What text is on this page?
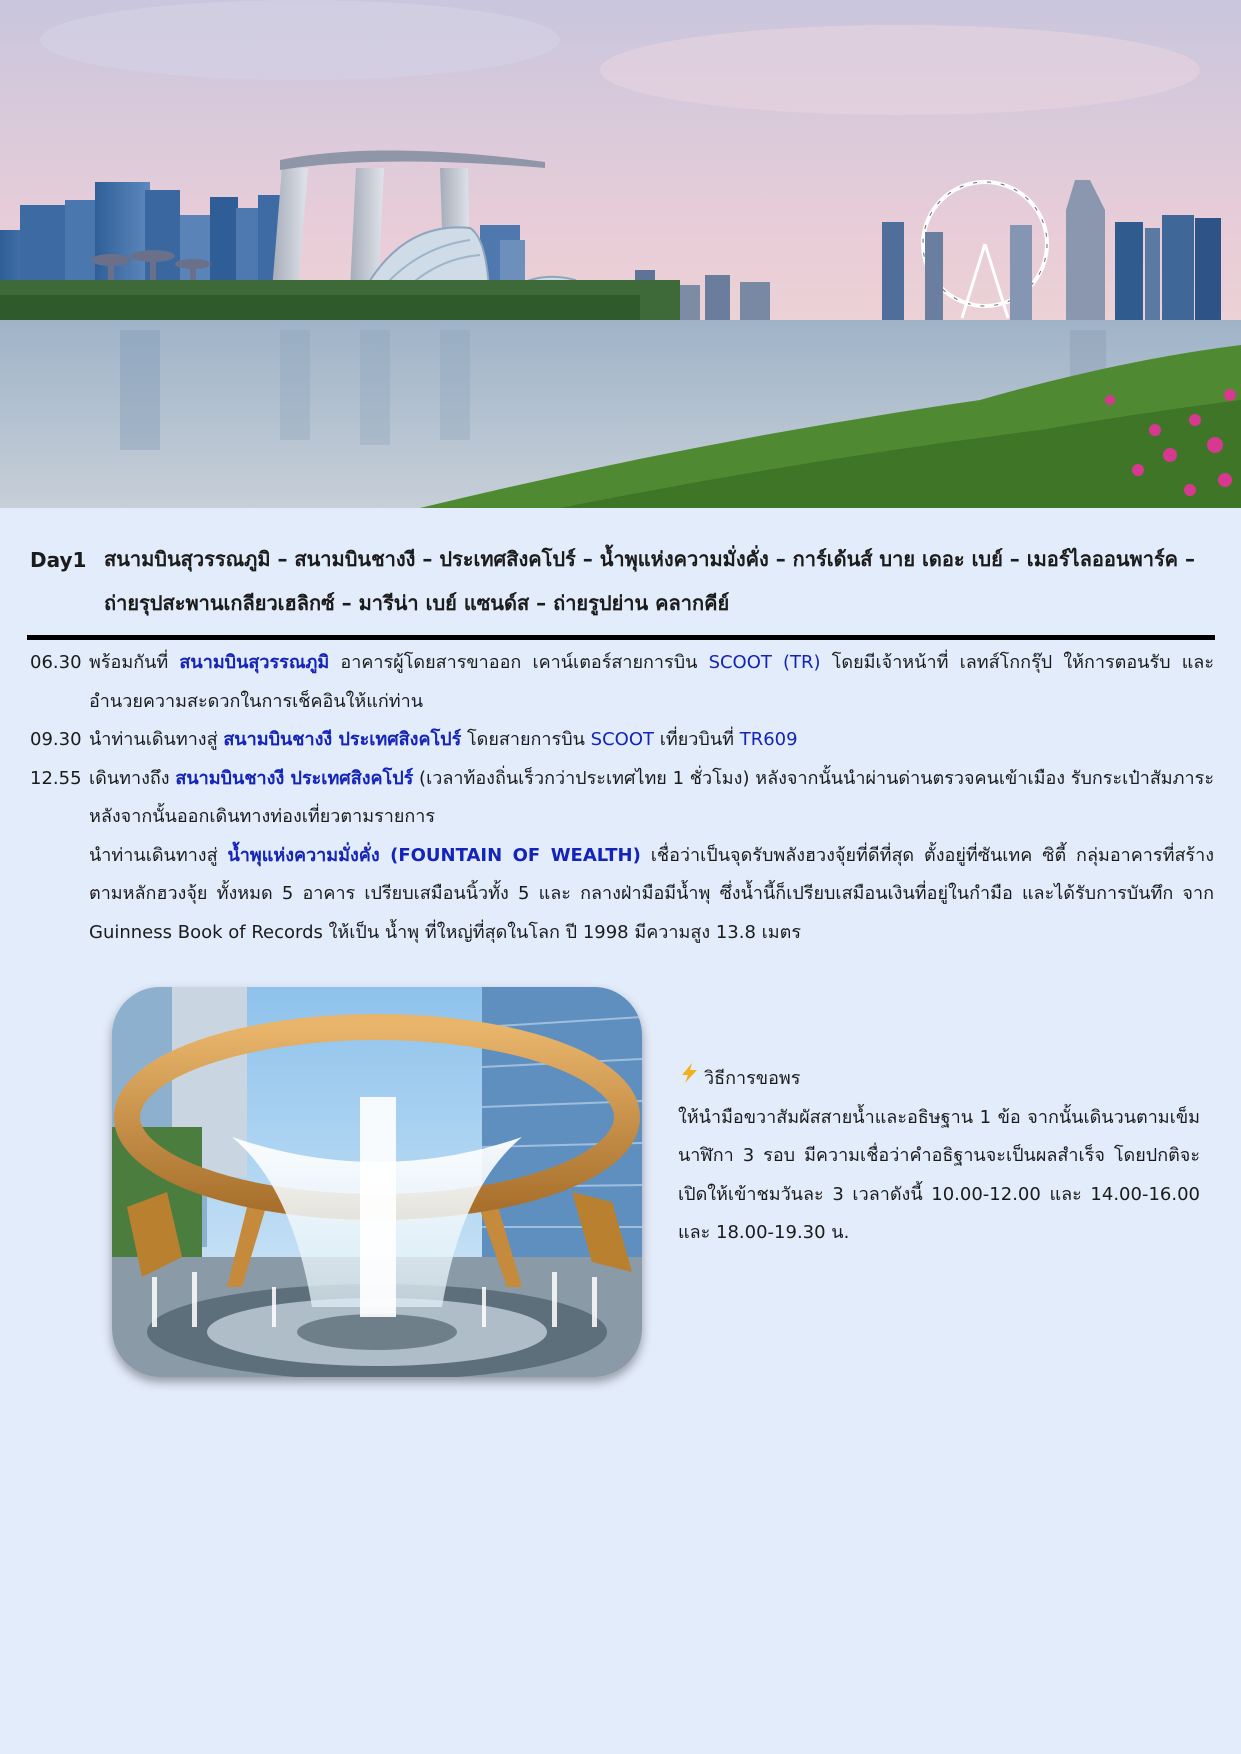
Day1 สนามบินสุวรรณภูมิ – สนามบินชางงี – ประเทศสิงคโปร์ – น้ำพุแห่งความมั่งคั่ง – การ์เด้นส์ บาย เดอะ เบย์ – เมอร์ไลออนพาร์ค – ถ่ายรุปสะพานเกลียวเฮลิกซ์ – มารีน่า เบย์ แซนด์ส – ถ่ายรูปย่าน คลากคีย์
06.30 พร้อมกันที่ สนามบินสุวรรณภูมิ อาคารผู้โดยสารขาออก เคาน์เตอร์สายการบิน SCOOT (TR) โดยมีเจ้าหน้าที่ เลทส์โกกรุ๊ป ให้การตอนรับ และอำนวยความสะดวกในการเช็คอินให้แก่ท่าน
09.30 นำท่านเดินทางสู่ สนามบินชางงี ประเทศสิงคโปร์ โดยสายการบิน SCOOT เที่ยวบินที่ TR609
12.55 เดินทางถึง สนามบินชางงี ประเทศสิงคโปร์ (เวลาท้องถิ่นเร็วกว่าประเทศไทย 1 ชั่วโมง) หลังจากนั้นนำผ่านด่านตรวจคนเข้าเมือง รับกระเป๋าสัมภาระ หลังจากนั้นออกเดินทางท่องเที่ยวตามรายการ
นำท่านเดินทางสู่ น้ำพุแห่งความมั่งคั่ง (FOUNTAIN OF WEALTH) เชื่อว่าเป็นจุดรับพลังฮวงจุ้ยที่ดีที่สุด ตั้งอยู่ที่ซันเทค ซิตี้ กลุ่มอาคารที่สร้างตามหลักฮวงจุ้ย ทั้งหมด 5 อาคาร เปรียบเสมือนนิ้วทั้ง 5 และ กลางฝ่ามือมีน้ำพุ ซึ่งน้ำนี้ก็เปรียบเสมือนเงินที่อยู่ในกำมือ และได้รับการบันทึก จาก Guinness Book of Records ให้เป็น น้ำพุ ที่ใหญ่ที่สุดในโลก ปี 1998 มีความสูง 13.8 เมตร
วิธีการขอพร
ให้นำมือขวาสัมผัสสายน้ำและอธิษฐาน 1 ข้อ จากนั้นเดินวนตามเข็มนาฬิกา 3 รอบ มีความเชื่อว่าคำอธิฐานจะเป็นผลสำเร็จ โดยปกติจะเปิดให้เข้าชมวันละ 3 เวลาดังนี้ 10.00-12.00 และ 14.00-16.00 และ 18.00-19.30 น.
